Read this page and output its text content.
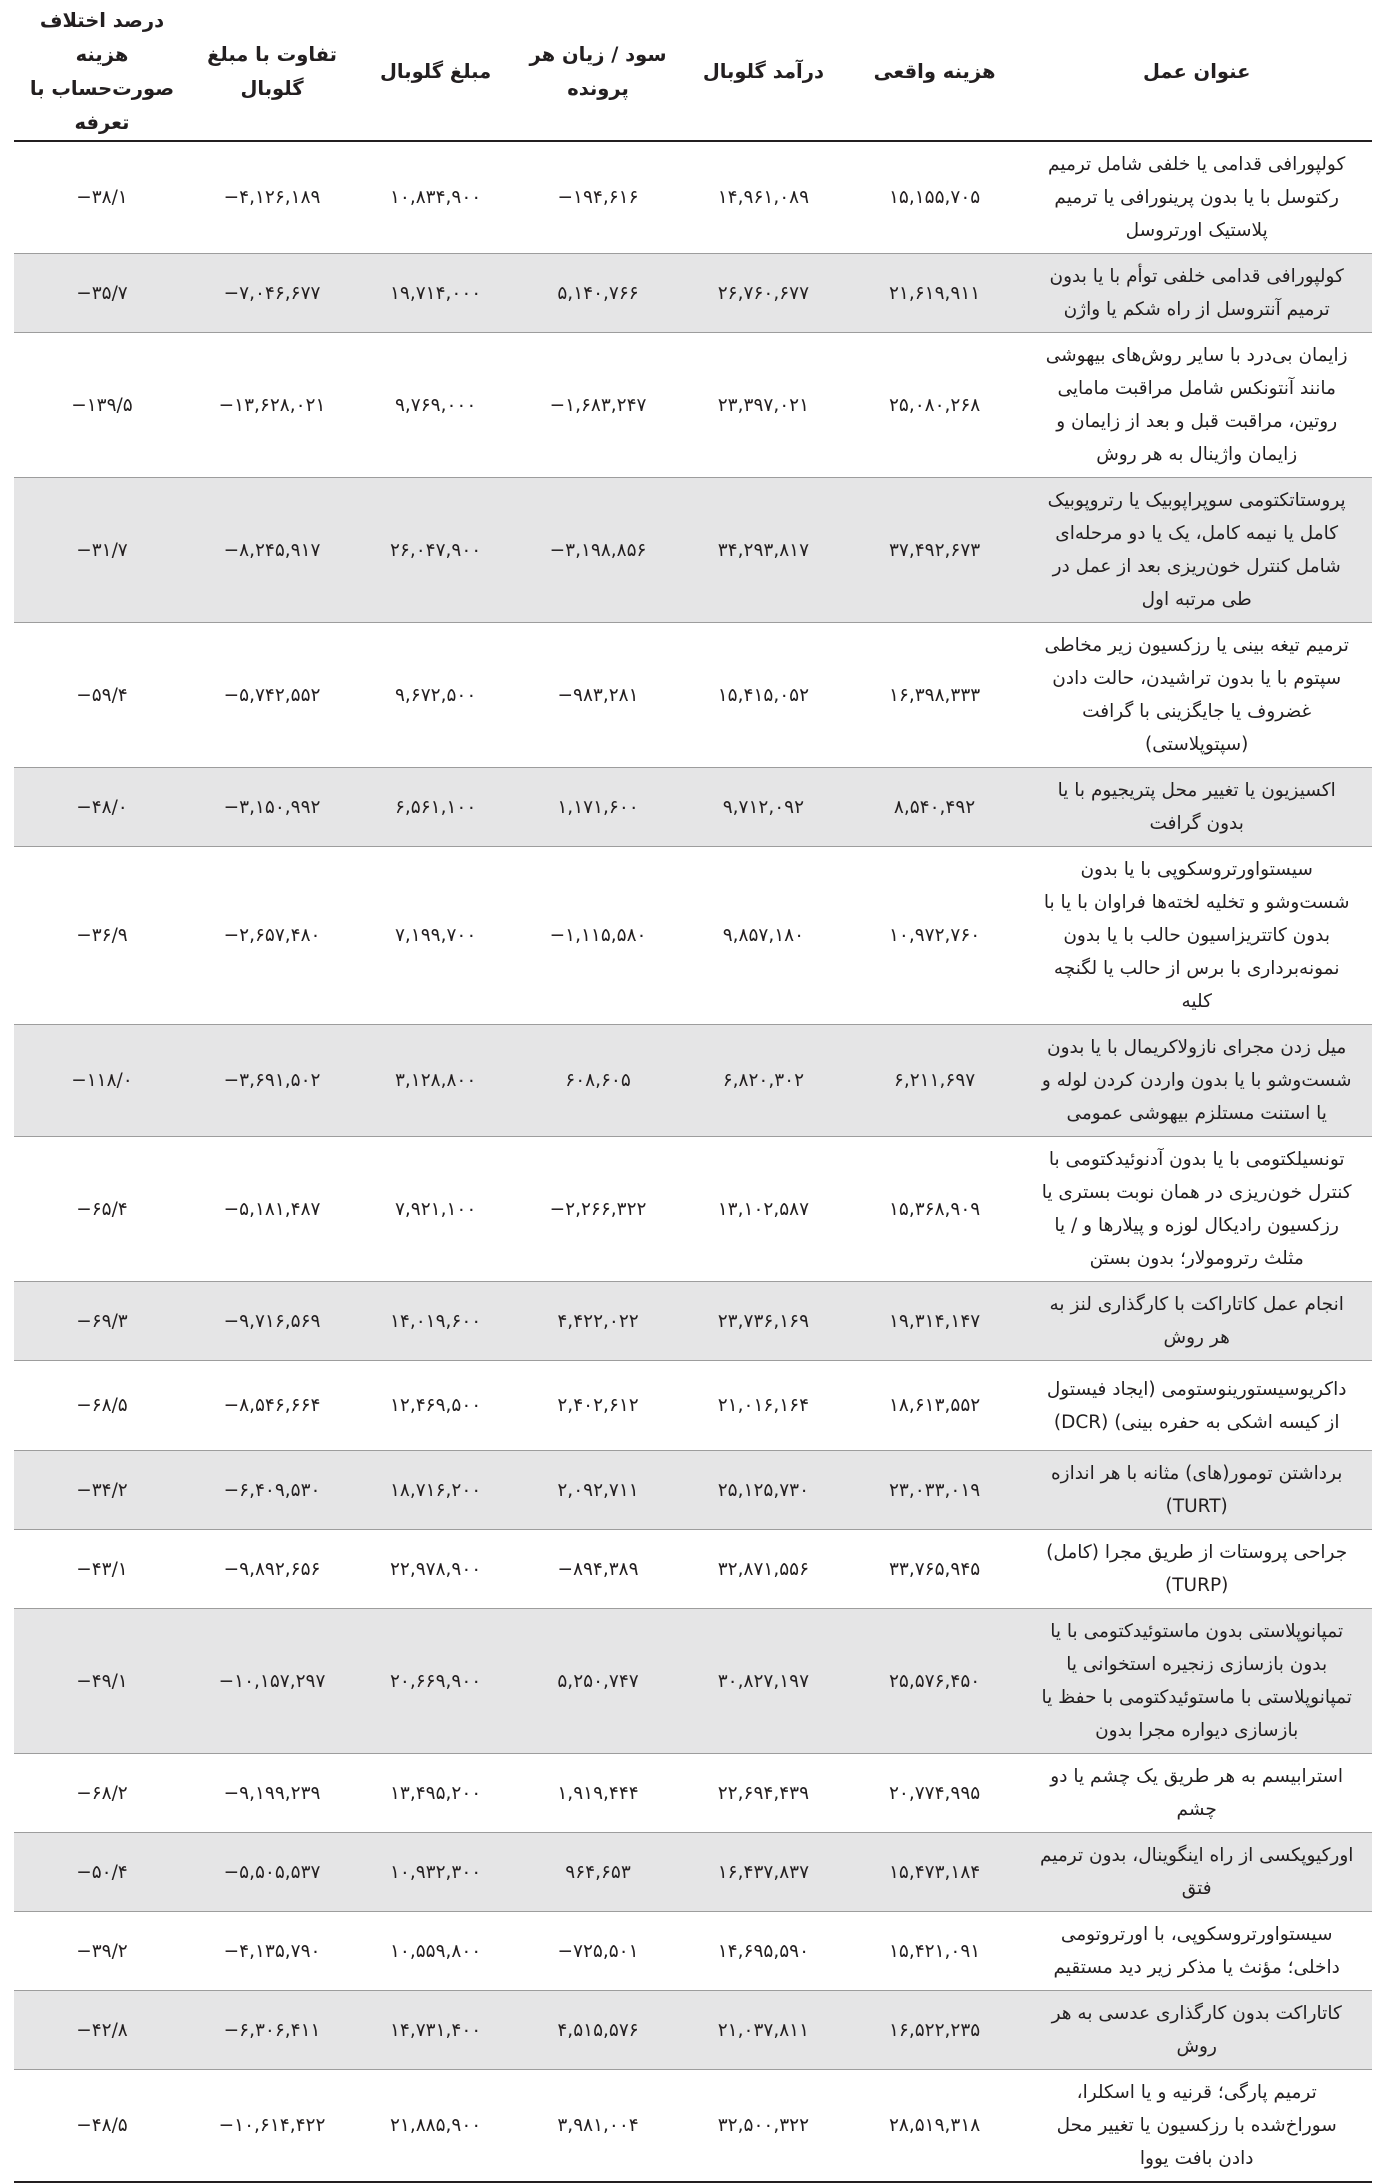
عنوان عمل	هزینه واقعی	درآمد گلوبال	سود / زیان هر پرونده	مبلغ گلوبال	تفاوت با مبلغ گلوبال	درصد اختلاف هزینه صورت‌حساب با تعرفه
کولپورافی قدامی یا خلفی شامل ترمیم رکتوسل با یا بدون پرینورافی یا ترمیم پلاستیک اورتروسل	۱۵,۱۵۵,۷۰۵	۱۴,۹۶۱,۰۸۹	−۱۹۴,۶۱۶	۱۰,۸۳۴,۹۰۰	−۴,۱۲۶,۱۸۹	−۳۸/۱
کولپورافی قدامی خلفی توأم با یا بدون ترمیم آنتروسل از راه شکم یا واژن	۲۱,۶۱۹,۹۱۱	۲۶,۷۶۰,۶۷۷	۵,۱۴۰,۷۶۶	۱۹,۷۱۴,۰۰۰	−۷,۰۴۶,۶۷۷	−۳۵/۷
زایمان بی‌درد با سایر روش‌های بیهوشی مانند آنتونکس شامل مراقبت مامایی روتین، مراقبت قبل و بعد از زایمان و زایمان واژینال به هر روش	۲۵,۰۸۰,۲۶۸	۲۳,۳۹۷,۰۲۱	−۱,۶۸۳,۲۴۷	۹,۷۶۹,۰۰۰	−۱۳,۶۲۸,۰۲۱	−۱۳۹/۵
پروستاتکتومی سوپراپوبیک یا رتروپوبیک کامل یا نیمه کامل، یک یا دو مرحله‌ای شامل کنترل خون‌ریزی بعد از عمل در طی مرتبه اول	۳۷,۴۹۲,۶۷۳	۳۴,۲۹۳,۸۱۷	−۳,۱۹۸,۸۵۶	۲۶,۰۴۷,۹۰۰	−۸,۲۴۵,۹۱۷	−۳۱/۷
ترمیم تیغه بینی یا رزکسیون زیر مخاطی سپتوم با یا بدون تراشیدن، حالت دادن غضروف یا جایگزینی با گرافت (سپتوپلاستی)	۱۶,۳۹۸,۳۳۳	۱۵,۴۱۵,۰۵۲	−۹۸۳,۲۸۱	۹,۶۷۲,۵۰۰	−۵,۷۴۲,۵۵۲	−۵۹/۴
اکسیزیون یا تغییر محل پتریجیوم با یا بدون گرافت	۸,۵۴۰,۴۹۲	۹,۷۱۲,۰۹۲	۱,۱۷۱,۶۰۰	۶,۵۶۱,۱۰۰	−۳,۱۵۰,۹۹۲	−۴۸/۰
سیستواورتروسکوپی با یا بدون شست‌وشو و تخلیه لخته‌ها فراوان با یا با بدون کاتتریزاسیون حالب با یا بدون نمونه‌برداری با برس از حالب یا لگنچه کلیه	۱۰,۹۷۲,۷۶۰	۹,۸۵۷,۱۸۰	−۱,۱۱۵,۵۸۰	۷,۱۹۹,۷۰۰	−۲,۶۵۷,۴۸۰	−۳۶/۹
میل زدن مجرای نازولاکریمال با یا بدون شست‌وشو با یا بدون واردن کردن لوله و یا استنت مستلزم بیهوشی عمومی	۶,۲۱۱,۶۹۷	۶,۸۲۰,۳۰۲	۶۰۸,۶۰۵	۳,۱۲۸,۸۰۰	−۳,۶۹۱,۵۰۲	−۱۱۸/۰
تونسیلکتومی با یا بدون آدنوئیدکتومی با کنترل خون‌ریزی در همان نوبت بستری یا رزکسیون رادیکال لوزه و پیلارها و / یا مثلث رترومولار؛ بدون بستن	۱۵,۳۶۸,۹۰۹	۱۳,۱۰۲,۵۸۷	−۲,۲۶۶,۳۲۲	۷,۹۲۱,۱۰۰	−۵,۱۸۱,۴۸۷	−۶۵/۴
انجام عمل کاتاراکت با کارگذاری لنز به هر روش	۱۹,۳۱۴,۱۴۷	۲۳,۷۳۶,۱۶۹	۴,۴۲۲,۰۲۲	۱۴,۰۱۹,۶۰۰	−۹,۷۱۶,۵۶۹	−۶۹/۳
داکریوسیستورینوستومی (ایجاد فیستول از کیسه اشکی به حفره بینی) (DCR)	۱۸,۶۱۳,۵۵۲	۲۱,۰۱۶,۱۶۴	۲,۴۰۲,۶۱۲	۱۲,۴۶۹,۵۰۰	−۸,۵۴۶,۶۶۴	−۶۸/۵
برداشتن تومور(های) مثانه با هر اندازه (TURT)	۲۳,۰۳۳,۰۱۹	۲۵,۱۲۵,۷۳۰	۲,۰۹۲,۷۱۱	۱۸,۷۱۶,۲۰۰	−۶,۴۰۹,۵۳۰	−۳۴/۲
جراحی پروستات از طریق مجرا (کامل) (TURP)	۳۳,۷۶۵,۹۴۵	۳۲,۸۷۱,۵۵۶	−۸۹۴,۳۸۹	۲۲,۹۷۸,۹۰۰	−۹,۸۹۲,۶۵۶	−۴۳/۱
تمپانوپلاستی بدون ماستوئیدکتومی با یا بدون بازسازی زنجیره استخوانی یا تمپانوپلاستی با ماستوئیدکتومی با حفظ یا بازسازی دیواره مجرا بدون	۲۵,۵۷۶,۴۵۰	۳۰,۸۲۷,۱۹۷	۵,۲۵۰,۷۴۷	۲۰,۶۶۹,۹۰۰	−۱۰,۱۵۷,۲۹۷	−۴۹/۱
استرابیسم به هر طریق یک چشم یا دو چشم	۲۰,۷۷۴,۹۹۵	۲۲,۶۹۴,۴۳۹	۱,۹۱۹,۴۴۴	۱۳,۴۹۵,۲۰۰	−۹,۱۹۹,۲۳۹	−۶۸/۲
اورکیوپکسی از راه اینگوینال، بدون ترمیم فتق	۱۵,۴۷۳,۱۸۴	۱۶,۴۳۷,۸۳۷	۹۶۴,۶۵۳	۱۰,۹۳۲,۳۰۰	−۵,۵۰۵,۵۳۷	−۵۰/۴
سیستواورتروسکوپی، با اورتروتومی داخلی؛ مؤنث یا مذکر زیر دید مستقیم	۱۵,۴۲۱,۰۹۱	۱۴,۶۹۵,۵۹۰	−۷۲۵,۵۰۱	۱۰,۵۵۹,۸۰۰	−۴,۱۳۵,۷۹۰	−۳۹/۲
کاتاراکت بدون کارگذاری عدسی به هر روش	۱۶,۵۲۲,۲۳۵	۲۱,۰۳۷,۸۱۱	۴,۵۱۵,۵۷۶	۱۴,۷۳۱,۴۰۰	−۶,۳۰۶,۴۱۱	−۴۲/۸
ترمیم پارگی؛ قرنیه و یا اسکلرا، سوراخ‌شده با رزکسیون یا تغییر محل دادن بافت یووا	۲۸,۵۱۹,۳۱۸	۳۲,۵۰۰,۳۲۲	۳,۹۸۱,۰۰۴	۲۱,۸۸۵,۹۰۰	−۱۰,۶۱۴,۴۲۲	−۴۸/۵
